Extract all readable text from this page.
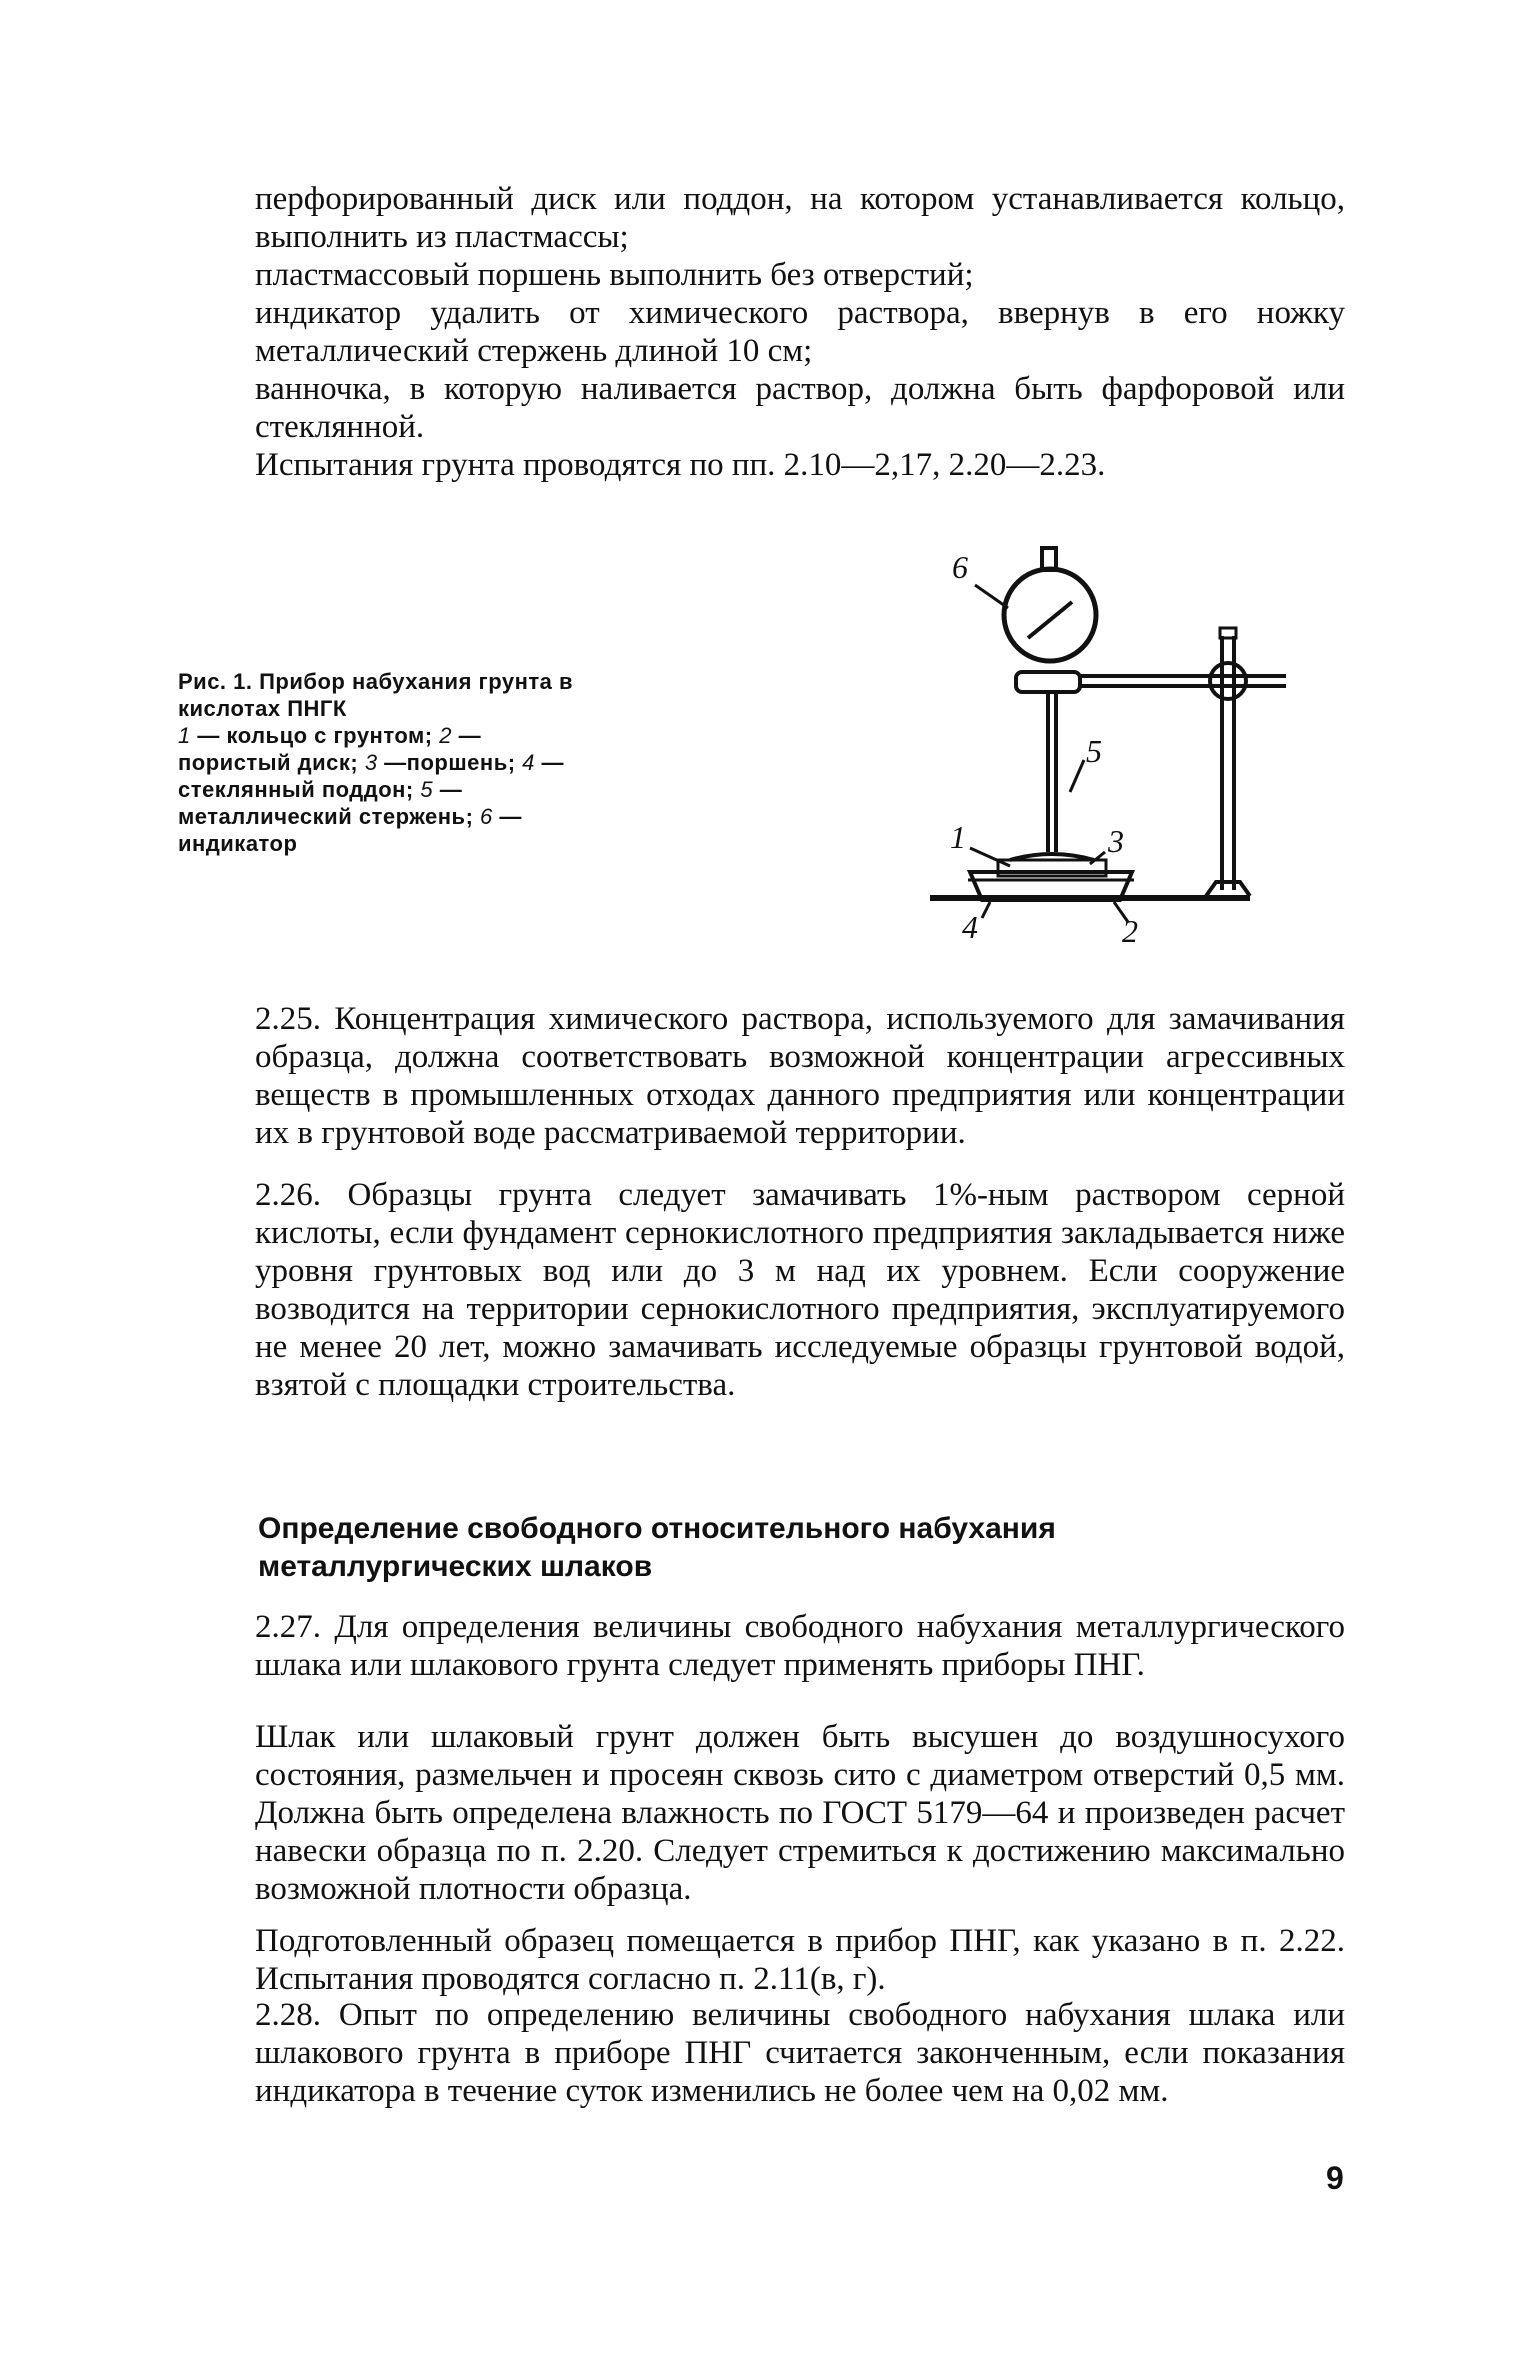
перфорированный диск или поддон, на котором устанавливается кольцо, выполнить из пластмассы;

пластмассовый поршень выполнить без отверстий;

индикатор удалить от химического раствора, ввернув в его ножку металлический стержень длиной 10 см;

ванночка, в которую наливается раствор, должна быть фарфоровой или стеклянной.

Испытания грунта проводятся по пп. 2.10—2,17, 2.20—2.23.

Рис. 1. Прибор набухания грунта в кислотах ПНГК
1 — кольцо с грунтом; 2 — пористый диск; 3 —поршень; 4 — стеклянный поддон; 5 — металлический стержень; 6 — индикатор
6
5
1	3
4	2

2.25. Концентрация химического раствора, используемого для замачивания образца, должна соответствовать возможной концентрации агрессивных веществ в промышленных отходах данного предприятия или концентрации их в грунтовой воде рассматриваемой территории.

2.26. Образцы грунта следует замачивать 1%-ным раствором серной кислоты, если фундамент сернокислотного предприятия закладывается ниже уровня грунтовых вод или до 3 м над их уровнем. Если сооружение возводится на территории сернокислотного предприятия, эксплуатируемого не менее 20 лет, можно замачивать исследуемые образцы грунтовой водой, взятой с площадки строительства.

Определение свободного относительного набухания металлургических шлаков

2.27. Для определения величины свободного набухания металлургического шлака или шлакового грунта следует применять приборы ПНГ.

Шлак или шлаковый грунт должен быть высушен до воздушносухого состояния, размельчен и просеян сквозь сито с диаметром отверстий 0,5 мм. Должна быть определена влажность по ГОСТ 5179—64 и произведен расчет навески образца по п. 2.20. Следует стремиться к достижению максимально возможной плотности образца.

Подготовленный образец помещается в прибор ПНГ, как указано в п. 2.22. Испытания проводятся согласно п. 2.11(в, г).

2.28. Опыт по определению величины свободного набухания шлака или шлакового грунта в приборе ПНГ считается законченным, если показания индикатора в течение суток изменились не более чем на 0,02 мм.

9
